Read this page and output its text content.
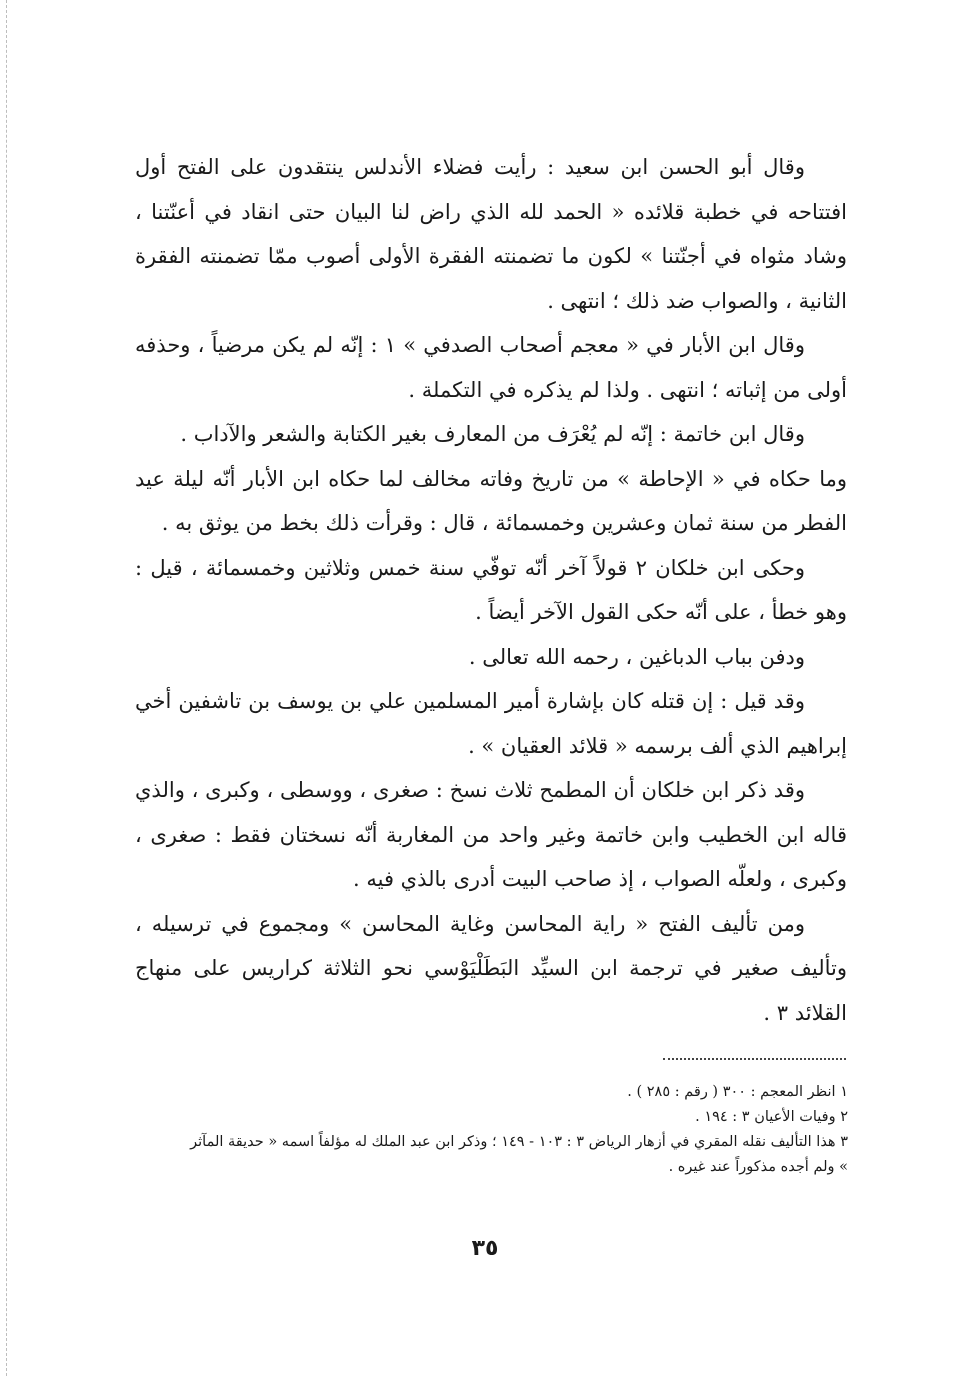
وقال أبو الحسن ابن سعيد : رأيت فضلاء الأندلس ينتقدون على الفتح أول افتتاحه في خطبة قلائده « الحمد لله الذي راض لنا البيان حتى انقاد في أعنّتنا ، وشاد مثواه في أجنّتنا » لكون ما تضمنته الفقرة الأولى أصوب ممّا تضمنته الفقرة الثانية ، والصواب ضد ذلك ؛ انتهى .

وقال ابن الأبار في « معجم أصحاب الصدفي » ١ : إنّه لم يكن مرضياً ، وحذفه أولى من إثباته ؛ انتهى . ولذا لم يذكره في التكملة .

وقال ابن خاتمة : إنّه لم يُعْرَف من المعارف بغير الكتابة والشعر والآداب .

وما حكاه في « الإحاطة » من تاريخ وفاته مخالف لما حكاه ابن الأبار أنّه ليلة عيد الفطر من سنة ثمان وعشرين وخمسمائة ، قال : وقرأت ذلك بخط من يوثق به .

وحكى ابن خلكان ٢ قولاً آخر أنّه توفّي سنة خمس وثلاثين وخمسمائة ، قيل : وهو خطأ ، على أنّه حكى القول الآخر أيضاً .

ودفن بباب الدباغين ، رحمه الله تعالى .

وقد قيل : إن قتله كان بإشارة أمير المسلمين علي بن يوسف بن تاشفين أخي إبراهيم الذي ألف برسمه « قلائد العقيان » .

وقد ذكر ابن خلكان أن المطمح ثلاث نسخ : صغرى ، ووسطى ، وكبرى ، والذي قاله ابن الخطيب وابن خاتمة وغير واحد من المغاربة أنّه نسختان فقط : صغرى ، وكبرى ، ولعلّه الصواب ، إذ صاحب البيت أدرى بالذي فيه .

ومن تأليف الفتح « راية المحاسن وغاية المحاسن » ومجموع في ترسيله ، وتأليف صغير في ترجمة ابن السيِّد البَطَلْيَوْسي نحو الثلاثة كراريس على منهاج القلائد ٣ .

١ انظر المعجم : ٣٠٠ ( رقم : ٢٨٥ ) .

٢ وفيات الأعيان ٣ : ١٩٤ .

٣ هذا التأليف نقله المقري في أزهار الرياض ٣ : ١٠٣ - ١٤٩ ؛ وذكر ابن عبد الملك له مؤلفاً اسمه « حديقة المآثر » ولم أجده مذكوراً عند غيره .

٣٥
